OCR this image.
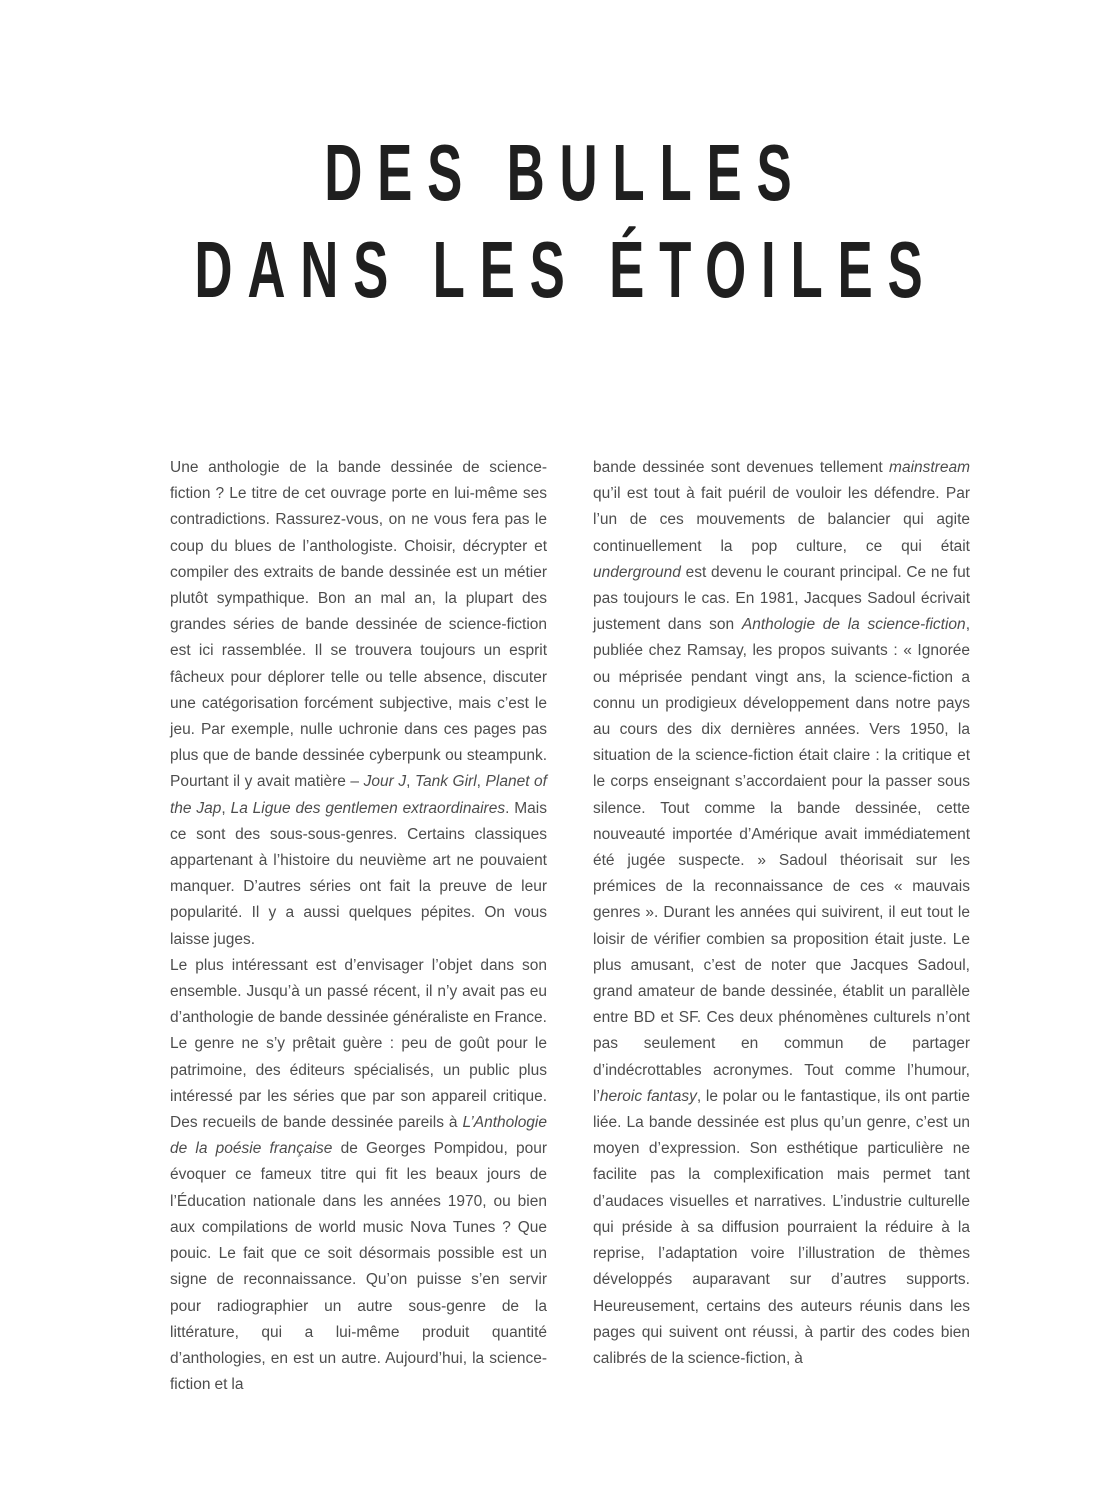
DES BULLES
DANS LES ÉTOILES

Une anthologie de la bande dessinée de science-fiction ? Le titre de cet ouvrage porte en lui-même ses contradictions. Rassurez-vous, on ne vous fera pas le coup du blues de l’anthologiste. Choisir, décrypter et compiler des extraits de bande dessinée est un métier plutôt sympathique. Bon an mal an, la plupart des grandes séries de bande dessinée de science-fiction est ici rassemblée. Il se trouvera toujours un esprit fâcheux pour déplorer telle ou telle absence, discuter une catégorisation forcément subjective, mais c’est le jeu. Par exemple, nulle uchronie dans ces pages pas plus que de bande dessinée cyberpunk ou steampunk. Pourtant il y avait matière – Jour J, Tank Girl, Planet of the Jap, La Ligue des gentlemen extraordinaires. Mais ce sont des sous-sous-genres. Certains classiques appartenant à l’histoire du neuvième art ne pouvaient manquer. D’autres séries ont fait la preuve de leur popularité. Il y a aussi quelques pépites. On vous laisse juges.

Le plus intéressant est d’envisager l’objet dans son ensemble. Jusqu’à un passé récent, il n’y avait pas eu d’anthologie de bande dessinée généraliste en France. Le genre ne s’y prêtait guère : peu de goût pour le patrimoine, des éditeurs spécialisés, un public plus intéressé par les séries que par son appareil critique. Des recueils de bande dessinée pareils à L’Anthologie de la poésie française de Georges Pompidou, pour évoquer ce fameux titre qui fit les beaux jours de l’Éducation nationale dans les années 1970, ou bien aux compilations de world music Nova Tunes ? Que pouic. Le fait que ce soit désormais possible est un signe de reconnaissance. Qu’on puisse s’en servir pour radiographier un autre sous-genre de la littérature, qui a lui-même produit quantité d’anthologies, en est un autre. Aujourd’hui, la science-fiction et la

bande dessinée sont devenues tellement mainstream qu’il est tout à fait puéril de vouloir les défendre. Par l’un de ces mouvements de balancier qui agite continuellement la pop culture, ce qui était underground est devenu le courant principal. Ce ne fut pas toujours le cas. En 1981, Jacques Sadoul écrivait justement dans son Anthologie de la science-fiction, publiée chez Ramsay, les propos suivants : « Ignorée ou méprisée pendant vingt ans, la science-fiction a connu un prodigieux développement dans notre pays au cours des dix dernières années. Vers 1950, la situation de la science-fiction était claire : la critique et le corps enseignant s’accordaient pour la passer sous silence. Tout comme la bande dessinée, cette nouveauté importée d’Amérique avait immédiatement été jugée suspecte. » Sadoul théorisait sur les prémices de la reconnaissance de ces « mauvais genres ». Durant les années qui suivirent, il eut tout le loisir de vérifier combien sa proposition était juste. Le plus amusant, c’est de noter que Jacques Sadoul, grand amateur de bande dessinée, établit un parallèle entre BD et SF. Ces deux phénomènes culturels n’ont pas seulement en commun de partager d’indécrottables acronymes. Tout comme l’humour, l’heroic fantasy, le polar ou le fantastique, ils ont partie liée. La bande dessinée est plus qu’un genre, c’est un moyen d’expression. Son esthétique particulière ne facilite pas la complexification mais permet tant d’audaces visuelles et narratives. L’industrie culturelle qui préside à sa diffusion pourraient la réduire à la reprise, l’adaptation voire l’illustration de thèmes développés auparavant sur d’autres supports. Heureusement, certains des auteurs réunis dans les pages qui suivent ont réussi, à partir des codes bien calibrés de la science-fiction, à
